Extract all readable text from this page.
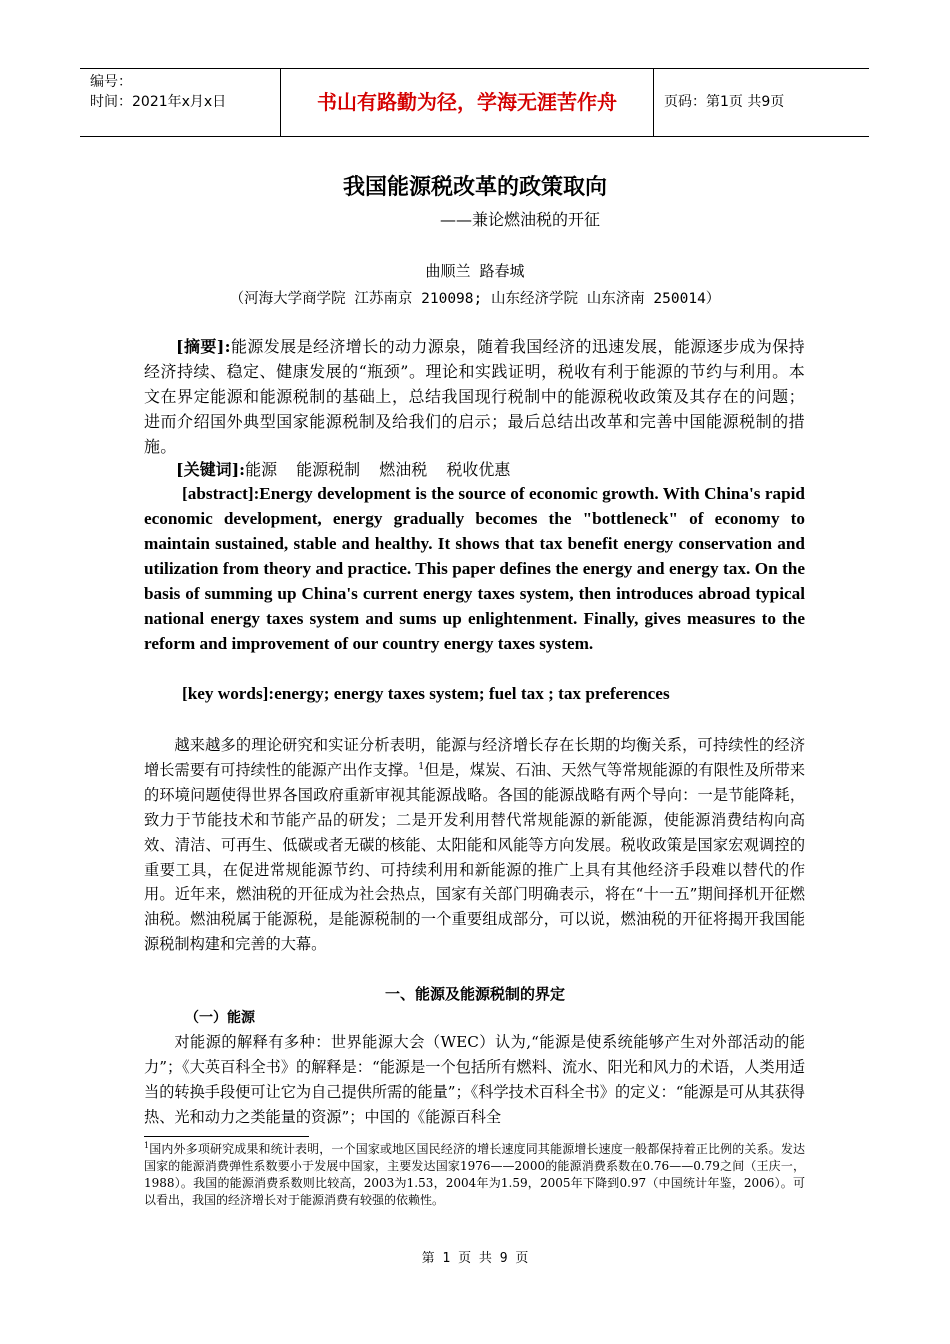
编号：
时间：2021年x月x日	书山有路勤为径，学海无涯苦作舟	页码：第1页 共9页
我国能源税改革的政策取向
——兼论燃油税的开征
曲顺兰 路春城
（河海大学商学院 江苏南京 210098; 山东经济学院 山东济南 250014）
[摘要]:能源发展是经济增长的动力源泉，随着我国经济的迅速发展，能源逐步成为保持经济持续、稳定、健康发展的“瓶颈”。理论和实践证明，税收有利于能源的节约与利用。本文在界定能源和能源税制的基础上，总结我国现行税制中的能源税收政策及其存在的问题；进而介绍国外典型国家能源税制及给我们的启示；最后总结出改革和完善中国能源税制的措施。
[关键词]:能源 能源税制 燃油税 税收优惠
[abstract]:Energy development is the source of economic growth. With China's rapid economic development, energy gradually becomes the "bottleneck" of economy to maintain sustained, stable and healthy. It shows that tax benefit energy conservation and utilization from theory and practice. This paper defines the energy and energy tax. On the basis of summing up China's current energy taxes system, then introduces abroad typical national energy taxes system and sums up enlightenment. Finally, gives measures to the reform and improvement of our country energy taxes system.
[key words]:energy; energy taxes system; fuel tax ; tax preferences
越来越多的理论研究和实证分析表明，能源与经济增长存在长期的均衡关系，可持续性的经济增长需要有可持续性的能源产出作支撑。$^1$但是，煤炭、石油、天然气等常规能源的有限性及所带来的环境问题使得世界各国政府重新审视其能源战略。各国的能源战略有两个导向：一是节能降耗，致力于节能技术和节能产品的研发；二是开发利用替代常规能源的新能源，使能源消费结构向高效、清洁、可再生、低碳或者无碳的核能、太阳能和风能等方向发展。税收政策是国家宏观调控的重要工具，在促进常规能源节约、可持续利用和新能源的推广上具有其他经济手段难以替代的作用。近年来，燃油税的开征成为社会热点，国家有关部门明确表示，将在“十一五”期间择机开征燃油税。燃油税属于能源税，是能源税制的一个重要组成部分，可以说，燃油税的开征将揭开我国能源税制构建和完善的大幕。
一、能源及能源税制的界定
（一）能源
对能源的解释有多种：世界能源大会（WEC）认为,“能源是使系统能够产生对外部活动的能力”；《大英百科全书》的解释是：“能源是一个包括所有燃料、流水、阳光和风力的术语，人类用适当的转换手段便可让它为自己提供所需的能量”；《科学技术百科全书》的定义：“能源是可从其获得热、光和动力之类能量的资源”；中国的《能源百科全
$^1$国内外多项研究成果和统计表明，一个国家或地区国民经济的增长速度同其能源增长速度一般都保持着正比例的关系。发达国家的能源消费弹性系数要小于发展中国家，主要发达国家1976——2000的能源消费系数在0.76——0.79之间（王庆一，1988）。我国的能源消费系数则比较高，2003为1.53，2004年为1.59，2005年下降到0.97（中国统计年鉴，2006）。可以看出，我国的经济增长对于能源消费有较强的依赖性。
第 1 页 共 9 页
